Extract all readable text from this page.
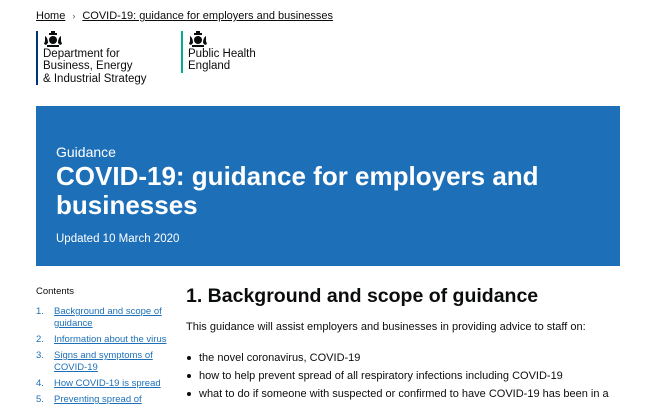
Home › COVID-19: guidance for employers and businesses
Department for
Business, Energy
& Industrial Strategy
Public Health
England
Guidance
COVID-19: guidance for employers and businesses
Updated 10 March 2020
Contents
1.	Background and scope of guidance
2.	Information about the virus
3.	Signs and symptoms of COVID-19
4.	How COVID-19 is spread
5.	Preventing spread of
1. Background and scope of guidance

This guidance will assist employers and businesses in providing advice to staff on:

the novel coronavirus, COVID-19
how to help prevent spread of all respiratory infections including COVID-19
what to do if someone with suspected or confirmed to have COVID-19 has been in a
